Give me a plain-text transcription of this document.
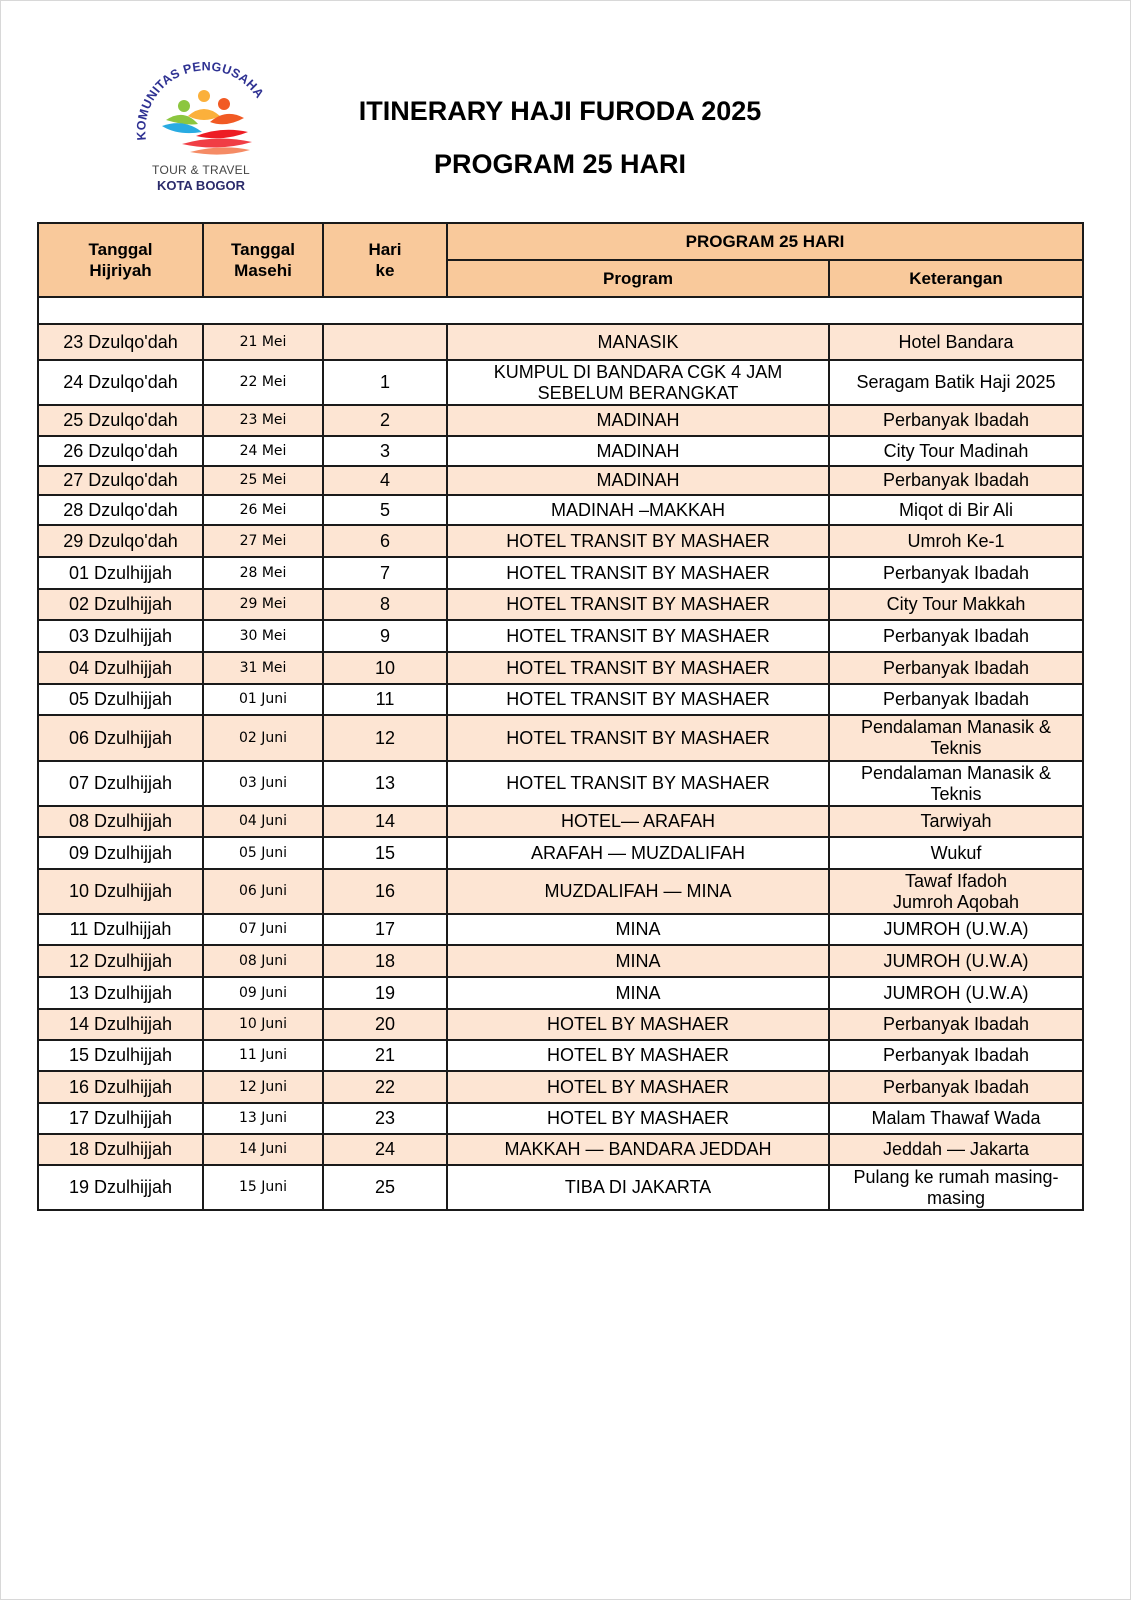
KOMUNITAS PENGUSAHA
TOUR & TRAVEL
KOTA BOGOR
ITINERARY HAJI FURODA 2025
PROGRAM 25 HARI
Tanggal Hijriyah	Tanggal Masehi	Hari ke	PROGRAM 25 HARI	
			Program	Keterangan

23 Dzulqo'dah	21 Mei		MANASIK	Hotel Bandara
24 Dzulqo'dah	22 Mei	1	KUMPUL DI BANDARA CGK 4 JAM SEBELUM BERANGKAT	Seragam Batik Haji 2025
25 Dzulqo'dah	23 Mei	2	MADINAH	Perbanyak Ibadah
26 Dzulqo'dah	24 Mei	3	MADINAH	City Tour Madinah
27 Dzulqo'dah	25 Mei	4	MADINAH	Perbanyak Ibadah
28 Dzulqo'dah	26 Mei	5	MADINAH –MAKKAH	Miqot di Bir Ali
29 Dzulqo'dah	27 Mei	6	HOTEL TRANSIT BY MASHAER	Umroh Ke-1
01 Dzulhijjah	28 Mei	7	HOTEL TRANSIT BY MASHAER	Perbanyak Ibadah
02 Dzulhijjah	29 Mei	8	HOTEL TRANSIT BY MASHAER	City Tour Makkah
03 Dzulhijjah	30 Mei	9	HOTEL TRANSIT BY MASHAER	Perbanyak Ibadah
04 Dzulhijjah	31 Mei	10	HOTEL TRANSIT BY MASHAER	Perbanyak Ibadah
05 Dzulhijjah	01 Juni	11	HOTEL TRANSIT BY MASHAER	Perbanyak Ibadah
06 Dzulhijjah	02 Juni	12	HOTEL TRANSIT BY MASHAER	Pendalaman Manasik & Teknis
07 Dzulhijjah	03 Juni	13	HOTEL TRANSIT BY MASHAER	Pendalaman Manasik & Teknis
08 Dzulhijjah	04 Juni	14	HOTEL— ARAFAH	Tarwiyah
09 Dzulhijjah	05 Juni	15	ARAFAH — MUZDALIFAH	Wukuf
10 Dzulhijjah	06 Juni	16	MUZDALIFAH — MINA	Tawaf Ifadoh
Jumroh Aqobah
11 Dzulhijjah	07 Juni	17	MINA	JUMROH (U.W.A)
12 Dzulhijjah	08 Juni	18	MINA	JUMROH (U.W.A)
13 Dzulhijjah	09 Juni	19	MINA	JUMROH (U.W.A)
14 Dzulhijjah	10 Juni	20	HOTEL BY MASHAER	Perbanyak Ibadah
15 Dzulhijjah	11 Juni	21	HOTEL BY MASHAER	Perbanyak Ibadah
16 Dzulhijjah	12 Juni	22	HOTEL BY MASHAER	Perbanyak Ibadah
17 Dzulhijjah	13 Juni	23	HOTEL BY MASHAER	Malam Thawaf Wada
18 Dzulhijjah	14 Juni	24	MAKKAH — BANDARA JEDDAH	Jeddah — Jakarta
19 Dzulhijjah	15 Juni	25	TIBA DI JAKARTA	Pulang ke rumah masing-masing
